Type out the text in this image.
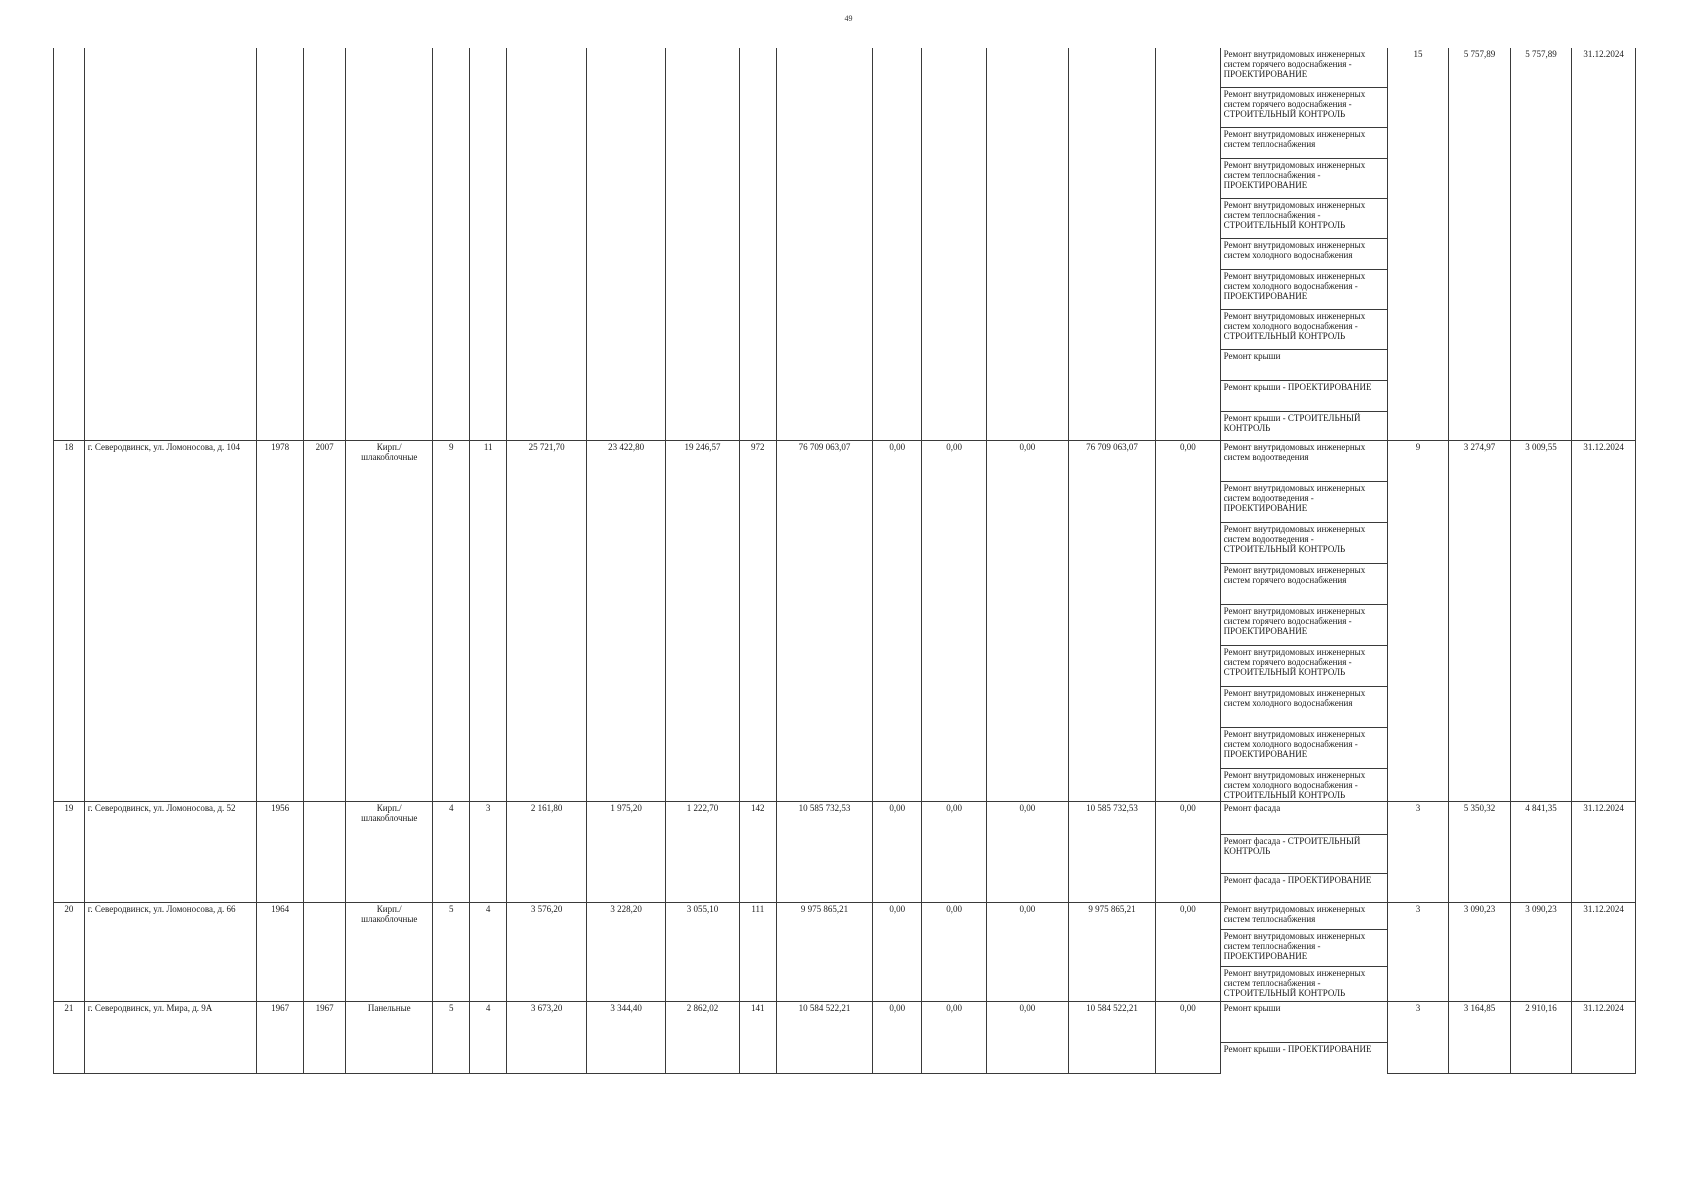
49
																	Ремонт внутридомовых инженерных систем горячего водоснабжения - ПРОЕКТИРОВАНИЕ	15	5 757,89	5 757,89	31.12.2024
																	Ремонт внутридомовых инженерных систем горячего водоснабжения - СТРОИТЕЛЬНЫЙ КОНТРОЛЬ				
																	Ремонт внутридомовых инженерных систем теплоснабжения				
																	Ремонт внутридомовых инженерных систем теплоснабжения - ПРОЕКТИРОВАНИЕ				
																	Ремонт внутридомовых инженерных систем теплоснабжения - СТРОИТЕЛЬНЫЙ КОНТРОЛЬ				
																	Ремонт внутридомовых инженерных систем холодного водоснабжения				
																	Ремонт внутридомовых инженерных систем холодного водоснабжения - ПРОЕКТИРОВАНИЕ				
																	Ремонт внутридомовых инженерных систем холодного водоснабжения - СТРОИТЕЛЬНЫЙ КОНТРОЛЬ				
																	Ремонт крыши				
																	Ремонт крыши - ПРОЕКТИРОВАНИЕ				
																	Ремонт крыши - СТРОИТЕЛЬНЫЙ КОНТРОЛЬ				
18	г. Северодвинск, ул. Ломоносова, д. 104	1978	2007	Кирп./ шлакоблочные	9	11	25 721,70	23 422,80	19 246,57	972	76 709 063,07	0,00	0,00	0,00	76 709 063,07	0,00	Ремонт внутридомовых инженерных систем водоотведения	9	3 274,97	3 009,55	31.12.2024
																	Ремонт внутридомовых инженерных систем водоотведения - ПРОЕКТИРОВАНИЕ				
																	Ремонт внутридомовых инженерных систем водоотведения - СТРОИТЕЛЬНЫЙ КОНТРОЛЬ				
																	Ремонт внутридомовых инженерных систем горячего водоснабжения				
																	Ремонт внутридомовых инженерных систем горячего водоснабжения - ПРОЕКТИРОВАНИЕ				
																	Ремонт внутридомовых инженерных систем горячего водоснабжения - СТРОИТЕЛЬНЫЙ КОНТРОЛЬ				
																	Ремонт внутридомовых инженерных систем холодного водоснабжения				
																	Ремонт внутридомовых инженерных систем холодного водоснабжения - ПРОЕКТИРОВАНИЕ				
																	Ремонт внутридомовых инженерных систем холодного водоснабжения - СТРОИТЕЛЬНЫЙ КОНТРОЛЬ				
19	г. Северодвинск, ул. Ломоносова, д. 52	1956		Кирп./ шлакоблочные	4	3	2 161,80	1 975,20	1 222,70	142	10 585 732,53	0,00	0,00	0,00	10 585 732,53	0,00	Ремонт фасада	3	5 350,32	4 841,35	31.12.2024
																	Ремонт фасада - СТРОИТЕЛЬНЫЙ КОНТРОЛЬ				
																	Ремонт фасада - ПРОЕКТИРОВАНИЕ				
20	г. Северодвинск, ул. Ломоносова, д. 66	1964		Кирп./ шлакоблочные	5	4	3 576,20	3 228,20	3 055,10	111	9 975 865,21	0,00	0,00	0,00	9 975 865,21	0,00	Ремонт внутридомовых инженерных систем теплоснабжения	3	3 090,23	3 090,23	31.12.2024
																	Ремонт внутридомовых инженерных систем теплоснабжения - ПРОЕКТИРОВАНИЕ				
																	Ремонт внутридомовых инженерных систем теплоснабжения - СТРОИТЕЛЬНЫЙ КОНТРОЛЬ				
21	г. Северодвинск, ул. Мира, д. 9А	1967	1967	Панельные	5	4	3 673,20	3 344,40	2 862,02	141	10 584 522,21	0,00	0,00	0,00	10 584 522,21	0,00	Ремонт крыши	3	3 164,85	2 910,16	31.12.2024
																	Ремонт крыши - ПРОЕКТИРОВАНИЕ				
